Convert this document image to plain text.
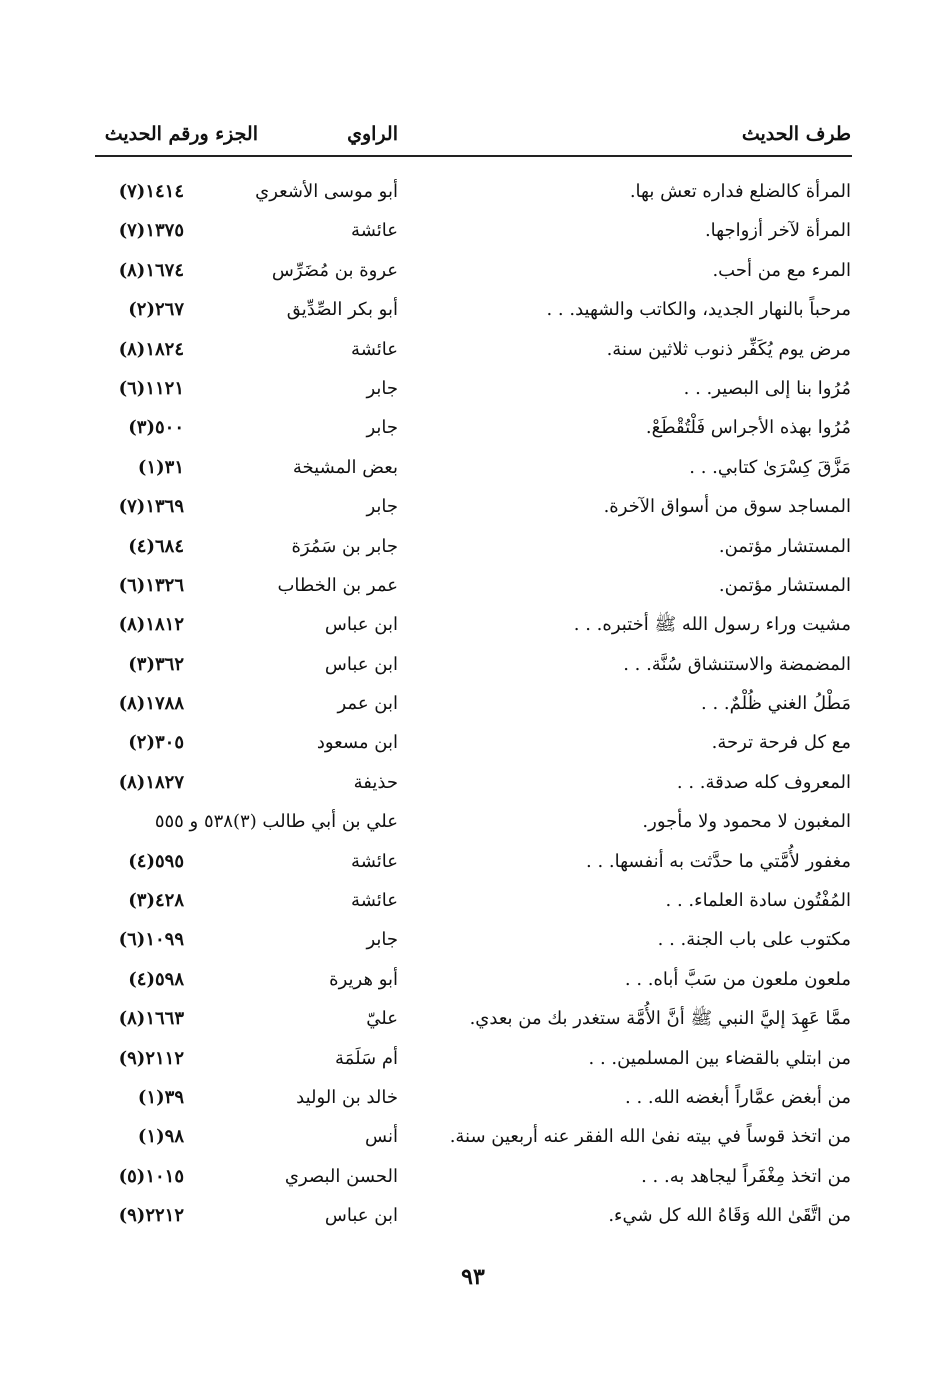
طرف الحديث
الراوي
الجزء ورقم الحديث
المرأة كالضلع فداره تعش بها.
أبو موسى الأشعري
١٤١٤(٧)
المرأة لآخر أزواجها.
عائشة
١٣٧٥(٧)
المرء مع من أحب.
عروة بن مُضَرِّس
١٦٧٤(٨)
مرحباً بالنهار الجديد، والكاتب والشهيد. . .
أبو بكر الصِّدِّيق
٢٦٧(٢)
مرض يوم يُكَفِّر ذنوب ثلاثين سنة.
عائشة
١٨٢٤(٨)
مُرُوا بنا إلى البصير. . .
جابر
١١٢١(٦)
مُرُوا بهذه الأجراس فَلْتُقْطَعْ.
جابر
٥٠٠(٣)
مَزَّقَ كِسْرَىٰ كتابي. . .
بعض المشيخة
٣١(١)
المساجد سوق من أسواق الآخرة.
جابر
١٣٦٩(٧)
المستشار مؤتمن.
جابر بن سَمُرَة
٦٨٤(٤)
المستشار مؤتمن.
عمر بن الخطاب
١٣٢٦(٦)
مشيت وراء رسول الله ﷺ أختبره. . .
ابن عباس
١٨١٢(٨)
المضمضة والاستنشاق سُنَّة. . .
ابن عباس
٣٦٢(٣)
مَطْلُ الغني ظُلْمٌ. . .
ابن عمر
١٧٨٨(٨)
مع كل فرحة ترحة.
ابن مسعود
٣٠٥(٢)
المعروف كله صدقة. . .
حذيفة
١٨٢٧(٨)
المغبون لا محمود ولا مأجور.
علي بن أبي طالب (٣)٥٣٨ و ٥٥٥
مغفور لأُمَّتي ما حدَّثت به أنفسها. . .
عائشة
٥٩٥(٤)
المُفْتُون سادة العلماء. . .
عائشة
٤٢٨(٣)
مكتوب على باب الجنة. . .
جابر
١٠٩٩(٦)
ملعون ملعون من سَبَّ أباه. . .
أبو هريرة
٥٩٨(٤)
ممَّا عَهِدَ إليَّ النبي ﷺ أنَّ الأُمَّة ستغدر بك من بعدي.
عليّ
١٦٦٣(٨)
من ابتلي بالقضاء بين المسلمين. . .
أم سَلَمَة
٢١١٢(٩)
من أبغض عمَّاراً أبغضه الله. . .
خالد بن الوليد
٣٩(١)
من اتخذ قوساً في بيته نفىٰ الله الفقر عنه أربعين سنة.
أنس
٩٨(١)
من اتخذ مِغْفَراً ليجاهد به. . .
الحسن البصري
١٠١٥(٥)
من اتَّقَىٰ الله وَقَاهُ الله كل شيء.
ابن عباس
٢٢١٢(٩)
٩٣
